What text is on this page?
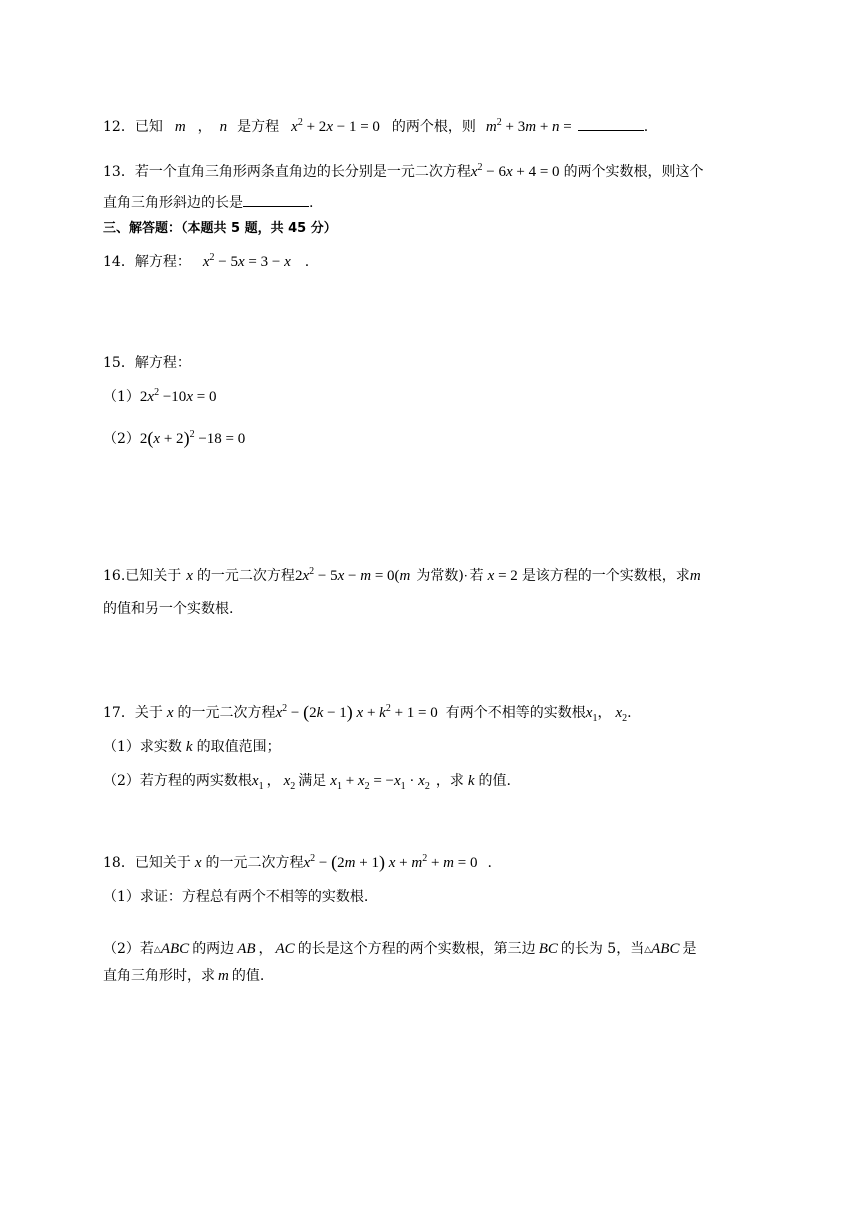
12．已知 m ， n 是方程 $x^2 + 2x - 1 = 0$ 的两个根，则 $m^2 + 3m + n$ =	.
13．若一个直角三角形两条直角边的长分别是一元二次方程$x^2 - 6x + 4 = 0$ 的两个实数根，则这个
直角三角形斜边的长是	.
三、解答题：（本题共 5 题，共 45 分）
14．解方程： $x^2 - 5x = 3 - x$ .
15．解方程：
$(1)2x^2 -10x = 0$
$(2)2(x + 2)^2 -18 = 0$
16.已知关于 x 的一元二次方程$2x^2 - 5x - m = 0(m$ 为常数)· 若 x = 2 是该方程的一个实数根，求m
的值和另一个实数根.
17．关于 x 的一元二次方程$x^2 - (2k - 1) x + k^2 + 1 = 0$ 有两个不相等的实数根$x_1$， $x_2$.
（1）求实数 k 的取值范围；
（2）若方程的两实数根$x_1$ ， $x_2$ 满足 $x_1 + x_2 = -x_1 \cdot x_2$ ，求 k 的值.
18．已知关于 x 的一元二次方程$x^2 - (2m + 1) x + m^2 + m = 0$ .
（1）求证：方程总有两个不相等的实数根.
（2）若△ABC 的两边 AB ， AC 的长是这个方程的两个实数根，第三边 BC 的长为 5，当△ABC 是
直角三角形时，求 m 的值.
